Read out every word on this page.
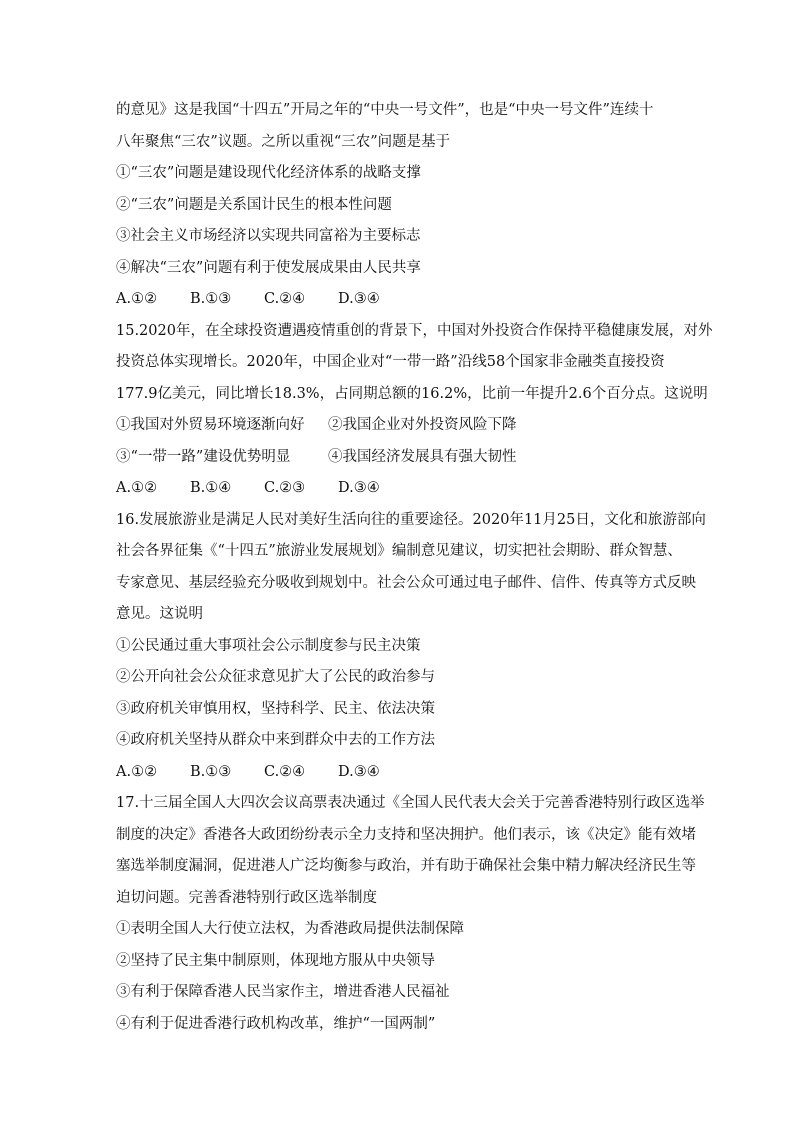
的意见》这是我国“十四五”开局之年的“中央一号文件”，也是“中央一号文件”连续十
八年聚焦“三农”议题。之所以重视“三农”问题是基于
①“三农”问题是建设现代化经济体系的战略支撑
②“三农”问题是关系国计民生的根本性问题
③社会主义市场经济以实现共同富裕为主要标志
④解决“三农”问题有利于使发展成果由人民共享
A.①②	B.①③	C.②④	D.③④
15.2020年，在全球投资遭遇疫情重创的背景下，中国对外投资合作保持平稳健康发展，对外
投资总体实现增长。2020年，中国企业对“一带一路”沿线58个国家非金融类直接投资
177.9亿美元，同比增长18.3%，占同期总额的16.2%，比前一年提升2.6个百分点。这说明
①我国对外贸易环境逐渐向好	②我国企业对外投资风险下降
③“一带一路”建设优势明显	④我国经济发展具有强大韧性
A.①②	B.①④	C.②③	D.③④
16.发展旅游业是满足人民对美好生活向往的重要途径。2020年11月25日，文化和旅游部向
社会各界征集《“十四五”旅游业发展规划》编制意见建议，切实把社会期盼、群众智慧、
专家意见、基层经验充分吸收到规划中。社会公众可通过电子邮件、信件、传真等方式反映
意见。这说明
①公民通过重大事项社会公示制度参与民主决策
②公开向社会公众征求意见扩大了公民的政治参与
③政府机关审慎用权，坚持科学、民主、依法决策
④政府机关坚持从群众中来到群众中去的工作方法
A.①②	B.①③	C.②④	D.③④
17.十三届全国人大四次会议高票表决通过《全国人民代表大会关于完善香港特别行政区选举
制度的决定》香港各大政团纷纷表示全力支持和坚决拥护。他们表示，该《决定》能有效堵
塞选举制度漏洞，促进港人广泛均衡参与政治，并有助于确保社会集中精力解决经济民生等
迫切问题。完善香港特别行政区选举制度
①表明全国人大行使立法权，为香港政局提供法制保障
②坚持了民主集中制原则，体现地方服从中央领导
③有利于保障香港人民当家作主，增进香港人民福祉
④有利于促进香港行政机构改革，维护“一国两制”
